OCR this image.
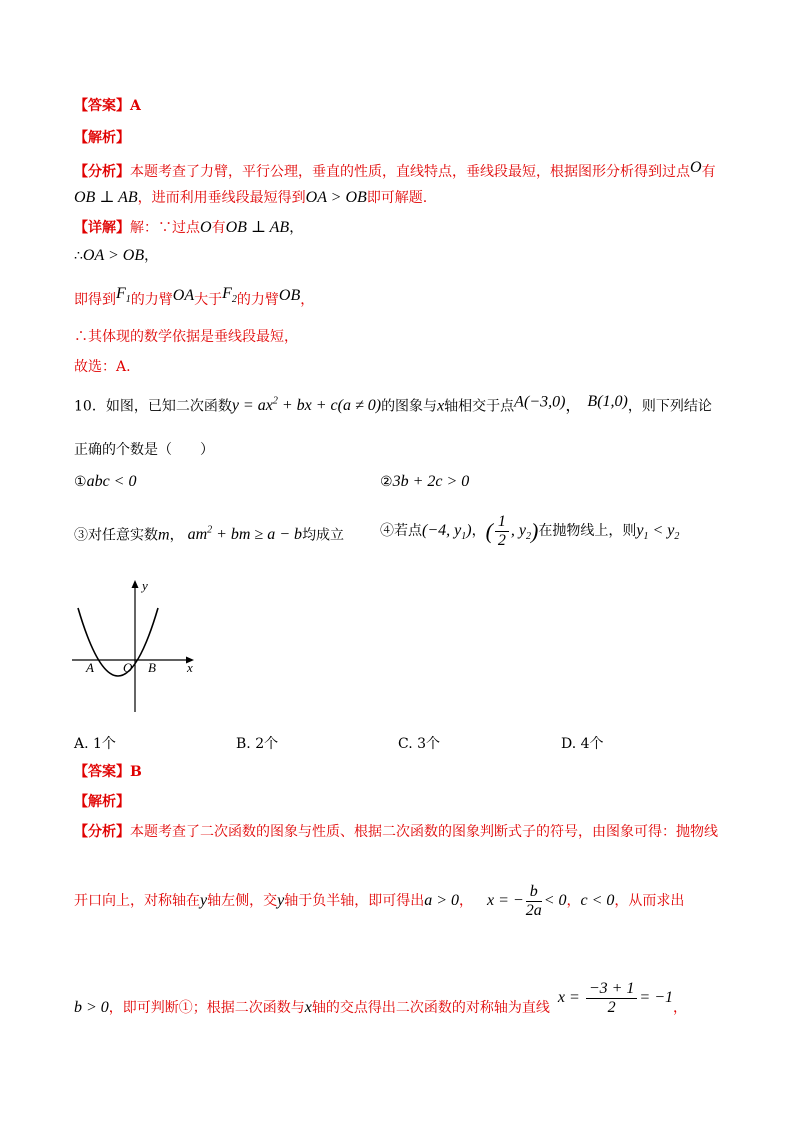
【答案】A
【解析】
【分析】本题考查了力臂，平行公理，垂直的性质，直线特点，垂线段最短，根据图形分析得到过点O有
OB ⊥ AB，进而利用垂线段最短得到OA > OB即可解题.
【详解】解：∵过点O有OB ⊥ AB，
∴OA > OB，
即得到$F_1$的力臂OA大于$F_2$的力臂OB，
∴其体现的数学依据是垂线段最短，
故选：A.
10．如图，已知二次函数$y = ax^2$ + bx + c(a ≠ 0)的图象与x轴相交于点A(−3,0)， B(1,0)，则下列结论
正确的个数是（　　）
①abc < 0	②3b + 2c > 0
③对任意实数m， $am^2$ + bm ≥ a − b均成立	④若点(−4, $y_1$)，( $\frac{1}{2}$ , $y_2$)在抛物线上，则$y_1 < y_2$
y
x
A O B
A. 1个	B. 2个	C. 3个	D. 4个
【答案】B
【解析】
【分析】本题考查了二次函数的图象与性质、根据二次函数的图象判断式子的符号，由图象可得：抛物线
开口向上，对称轴在y轴左侧，交y轴于负半轴，即可得出a > 0， x = − $\frac{b}{2a} < 0$，c < 0，从而求出
b > 0，即可判断①；根据二次函数与x轴的交点得出二次函数的对称轴为直线$x = \frac{-3 + 1}{2} = -1$，
